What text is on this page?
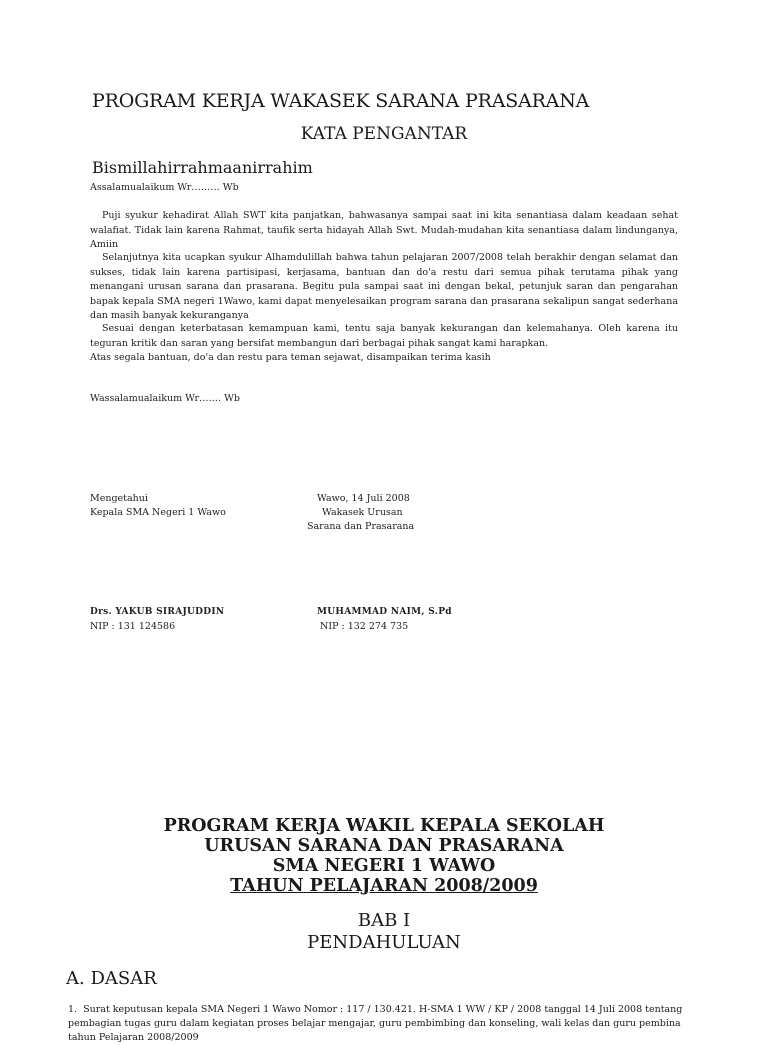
PROGRAM KERJA WAKASEK SARANA PRASARANA
KATA PENGANTAR
Bismillahirrahmaanirrahim
Assalamualaikum Wr……… Wb

Puji syukur kehadirat Allah SWT kita panjatkan, bahwasanya sampai saat ini kita senantiasa dalam keadaan sehat walafiat. Tidak lain karena Rahmat, taufik serta hidayah Allah Swt. Mudah-mudahan kita senantiasa dalam lindunganya, Amiin

Selanjutnya kita ucapkan syukur Alhamdulillah bahwa tahun pelajaran 2007/2008 telah berakhir dengan selamat dan sukses, tidak lain karena partisipasi, kerjasama, bantuan dan do'a restu dari semua pihak terutama pihak yang menangani urusan sarana dan prasarana. Begitu pula sampai saat ini dengan bekal, petunjuk saran dan pengarahan bapak kepala SMA negeri 1Wawo, kami dapat menyelesaikan program sarana dan prasarana sekalipun sangat sederhana dan masih banyak kekuranganya

Sesuai dengan keterbatasan kemampuan kami, tentu saja banyak kekurangan dan kelemahanya. Oleh karena itu teguran kritik dan saran yang bersifat membangun dari berbagai pihak sangat kami harapkan.

Atas segala bantuan, do'a dan restu para teman sejawat, disampaikan terima kasih

Wassalamualaikum Wr……. Wb
Mengetahui
Kepala SMA Negeri 1 Wawo
Drs. YAKUB SIRAJUDDIN
NIP : 131 124586
Wawo, 14 Juli 2008
Wakasek Urusan
Sarana dan Prasarana
MUHAMMAD NAIM, S.Pd
NIP : 132 274 735
PROGRAM KERJA WAKIL KEPALA SEKOLAH
URUSAN SARANA DAN PRASARANA
SMA NEGERI 1 WAWO
TAHUN PELAJARAN 2008/2009
BAB I
PENDAHULUAN
A. DASAR
1. Surat keputusan kepala SMA Negeri 1 Wawo Nomor : 117 / 130.421. H-SMA 1 WW / KP / 2008 tanggal 14 Juli 2008 tentang pembagian tugas guru dalam kegiatan proses belajar mengajar, guru pembimbing dan konseling, wali kelas dan guru pembina tahun Pelajaran 2008/2009
